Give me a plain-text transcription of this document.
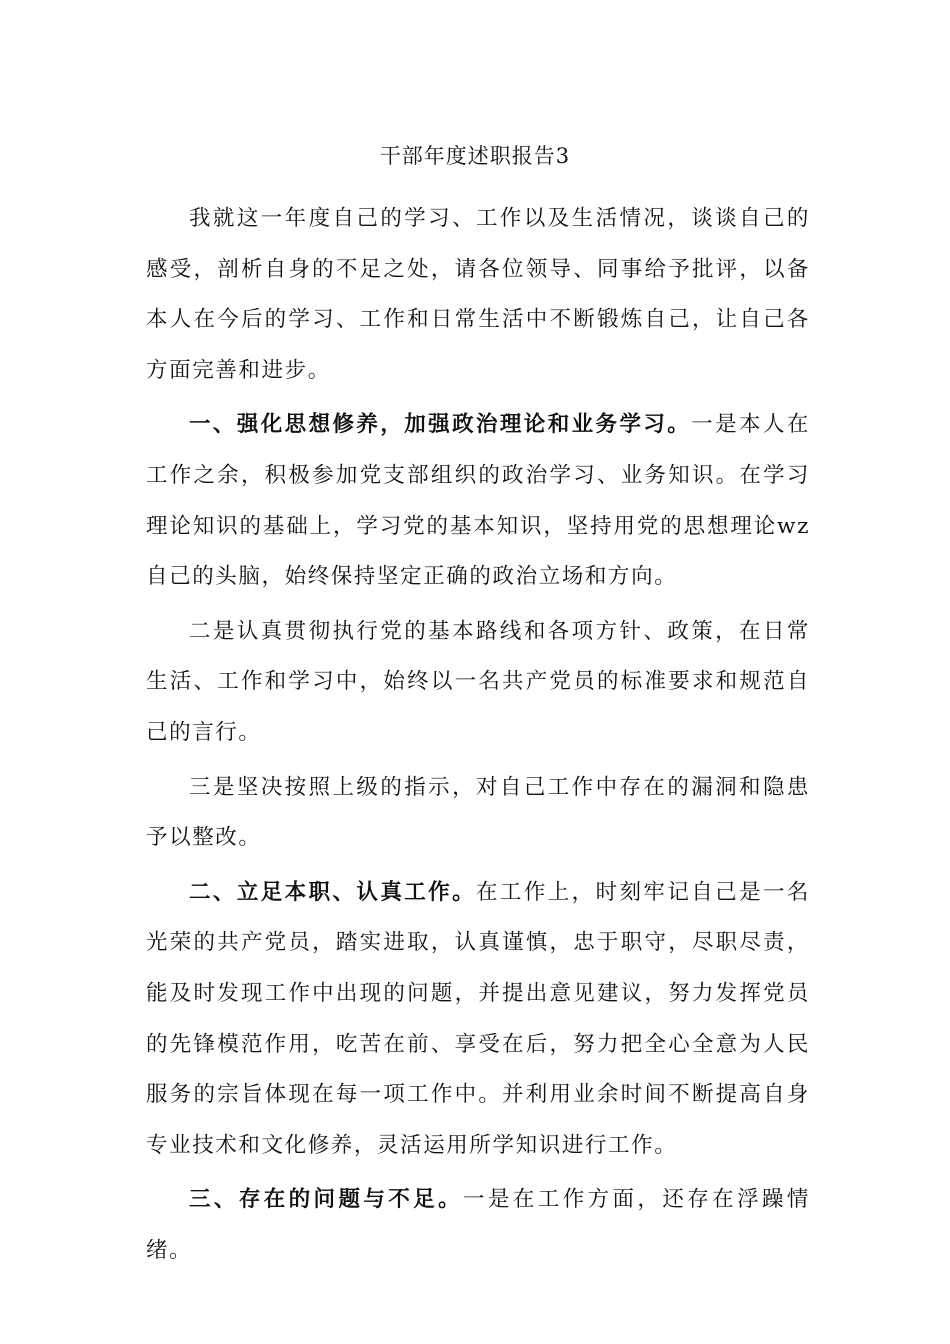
干部年度述职报告3

我就这一年度自己的学习、工作以及生活情况，谈谈自己的感受，剖析自身的不足之处，请各位领导、同事给予批评，以备本人在今后的学习、工作和日常生活中不断锻炼自己，让自己各方面完善和进步。

一、强化思想修养，加强政治理论和业务学习。一是本人在工作之余，积极参加党支部组织的政治学习、业务知识。在学习理论知识的基础上，学习党的基本知识，坚持用党的思想理论wz自己的头脑，始终保持坚定正确的政治立场和方向。

二是认真贯彻执行党的基本路线和各项方针、政策，在日常生活、工作和学习中，始终以一名共产党员的标准要求和规范自己的言行。

三是坚决按照上级的指示，对自己工作中存在的漏洞和隐患予以整改。

二、立足本职、认真工作。在工作上，时刻牢记自己是一名光荣的共产党员，踏实进取，认真谨慎，忠于职守，尽职尽责，能及时发现工作中出现的问题，并提出意见建议，努力发挥党员的先锋模范作用，吃苦在前、享受在后，努力把全心全意为人民服务的宗旨体现在每一项工作中。并利用业余时间不断提高自身专业技术和文化修养，灵活运用所学知识进行工作。

三、存在的问题与不足。一是在工作方面，还存在浮躁情绪。
